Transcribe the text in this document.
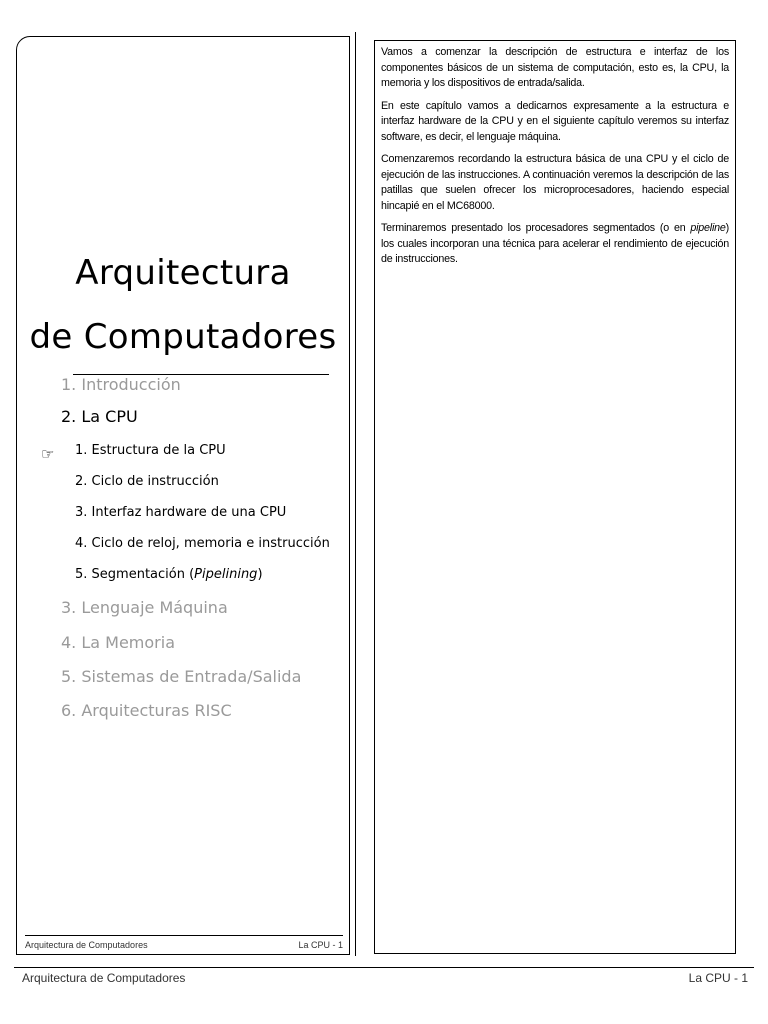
Arquitectura
de Computadores
1. Introducción
2. La CPU
1. Estructura de la CPU
2. Ciclo de instrucción
3. Interfaz hardware de una CPU
4. Ciclo de reloj, memoria e instrucción
5. Segmentación (Pipelining)
3. Lenguaje Máquina
4. La Memoria
5. Sistemas de Entrada/Salida
6. Arquitecturas RISC
☞
Arquitectura de Computadores	La CPU - 1

Vamos a comenzar la descripción de estructura e interfaz de los componentes básicos de un sistema de computación, esto es, la CPU, la memoria y los dispositivos de entrada/salida.

En este capítulo vamos a dedicarnos expresamente a la estructura e interfaz hardware de la CPU y en el siguiente capítulo veremos su interfaz software, es decir, el lenguaje máquina.

Comenzaremos recordando la estructura básica de una CPU y el ciclo de ejecución de las instrucciones. A continuación veremos la descripción de las patillas que suelen ofrecer los microprocesadores, haciendo especial hincapié en el MC68000.

Terminaremos presentado los procesadores segmentados (o en pipeline) los cuales incorporan una técnica para acelerar el rendimiento de ejecución de instrucciones.

Arquitectura de Computadores	La CPU - 1
